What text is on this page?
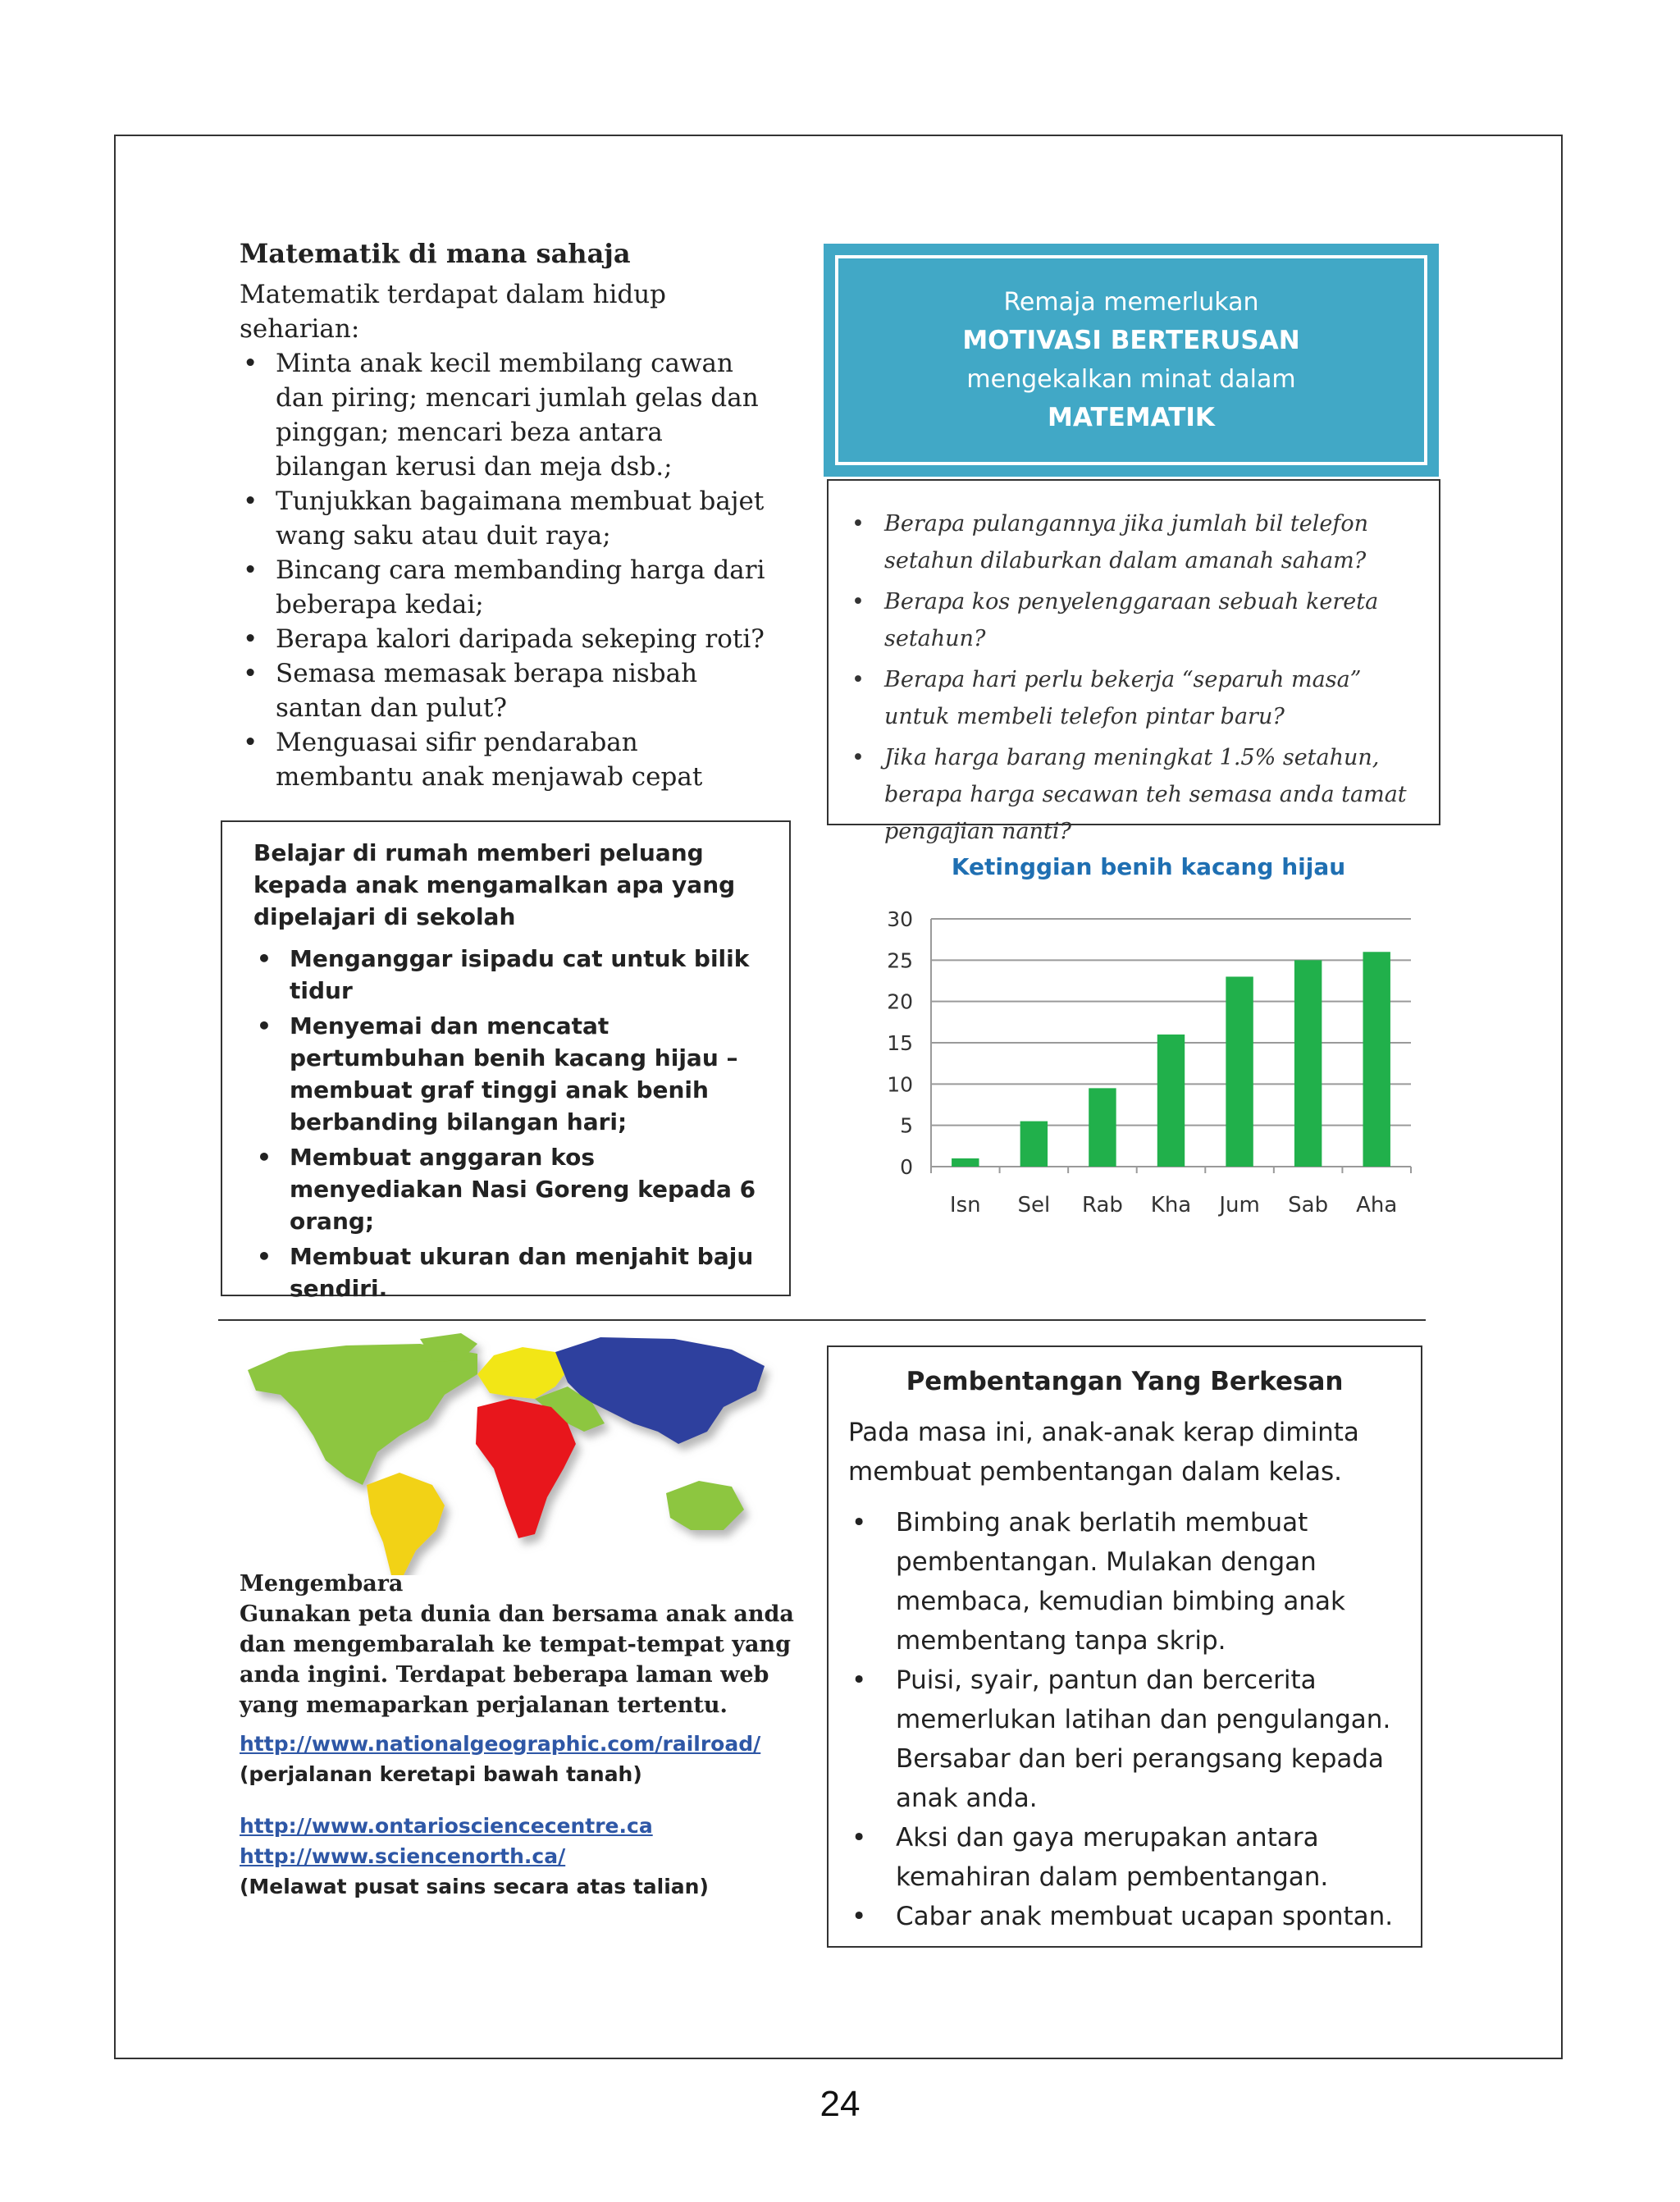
Matematik di mana sahaja

Matematik terdapat dalam hidup seharian:

• Minta anak kecil membilang cawan dan piring; mencari jumlah gelas dan pinggan; mencari beza antara bilangan kerusi dan meja dsb.;
• Tunjukkan bagaimana membuat bajet wang saku atau duit raya;
• Bincang cara membanding harga dari beberapa kedai;
• Berapa kalori daripada sekeping roti?
• Semasa memasak berapa nisbah santan dan pulut?
• Menguasai sifir pendaraban membantu anak menjawab cepat
Remaja memerlukan
MOTIVASI BERTERUSAN
mengekalkan minat dalam
MATEMATIK
• Berapa pulangannya jika jumlah bil telefon setahun dilaburkan dalam amanah saham?
• Berapa kos penyelenggaraan sebuah kereta setahun?
• Berapa hari perlu bekerja “separuh masa” untuk membeli telefon pintar baru?
• Jika harga barang meningkat 1.5% setahun, berapa harga secawan teh semasa anda tamat pengajian nanti?

Belajar di rumah memberi peluang kepada anak mengamalkan apa yang dipelajari di sekolah

• Menganggar isipadu cat untuk bilik tidur
• Menyemai dan mencatat pertumbuhan benih kacang hijau – membuat graf tinggi anak benih berbanding bilangan hari;
• Membuat anggaran kos menyediakan Nasi Goreng kepada 6 orang;
• Membuat ukuran dan menjahit baju sendiri.
Ketinggian benih kacang hijau
0
5
10
15
20
25
30
Isn Sel Rab Kha Jum Sab Aha

Mengembara

Gunakan peta dunia dan bersama anak anda dan mengembaralah ke tempat-tempat yang anda ingini. Terdapat beberapa laman web yang memaparkan perjalanan tertentu.

http://www.nationalgeographic.com/railroad/
(perjalanan keretapi bawah tanah)
http://www.ontariosciencecentre.ca
http://www.sciencenorth.ca/
(Melawat pusat sains secara atas talian)
Pembentangan Yang Berkesan

Pada masa ini, anak-anak kerap diminta membuat pembentangan dalam kelas.

• Bimbing anak berlatih membuat pembentangan. Mulakan dengan membaca, kemudian bimbing anak membentang tanpa skrip.
• Puisi, syair, pantun dan bercerita memerlukan latihan dan pengulangan. Bersabar dan beri perangsang kepada anak anda.
• Aksi dan gaya merupakan antara kemahiran dalam pembentangan.
• Cabar anak membuat ucapan spontan.
24
